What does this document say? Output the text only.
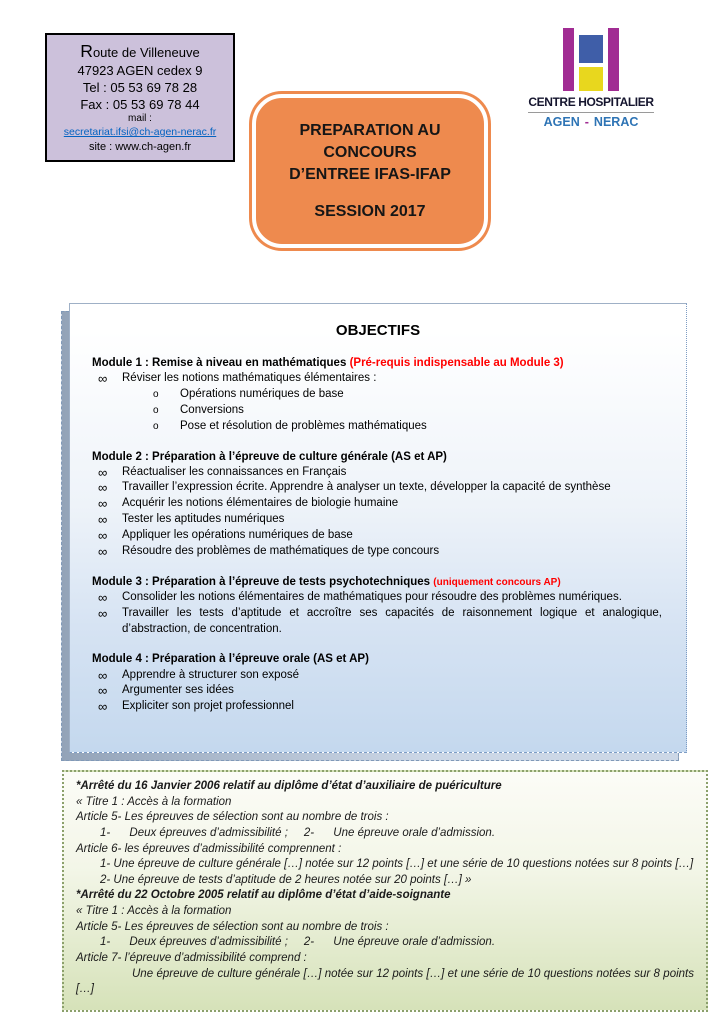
Route de Villeneuve
47923 AGEN cedex 9
Tel : 05 53 69 78 28
Fax : 05 53 69 78 44
mail :
secretariat.ifsi@ch-agen-nerac.fr
site : www.ch-agen.fr
CENTRE HOSPITALIER
AGEN - NERAC
PREPARATION AU
CONCOURS
D’ENTREE IFAS-IFAP
SESSION 2017
OBJECTIFS
Module 1 : Remise à niveau en mathématiques (Pré-requis indispensable au Module 3)
∞	Réviser les notions mathématiques élémentaires :
o	Opérations numériques de base
o	Conversions
o	Pose et résolution de problèmes mathématiques
Module 2 : Préparation à l’épreuve de culture générale (AS et AP)
∞	Réactualiser les connaissances en Français
∞	Travailler l’expression écrite. Apprendre à analyser un texte, développer la capacité de synthèse
∞	Acquérir les notions élémentaires de biologie humaine
∞	Tester les aptitudes numériques
∞	Appliquer les opérations numériques de base
∞	Résoudre des problèmes de mathématiques de type concours
Module 3 : Préparation à l’épreuve de tests psychotechniques (uniquement concours AP)
∞	Consolider les notions élémentaires de mathématiques pour résoudre des problèmes numériques.
∞	Travailler les tests d’aptitude et accroître ses capacités de raisonnement logique et analogique, d’abstraction, de concentration.
Module 4 : Préparation à l’épreuve orale (AS et AP)
∞	Apprendre à structurer son exposé
∞	Argumenter ses idées
∞	Expliciter son projet professionnel
*Arrêté du 16 Janvier 2006 relatif au diplôme d’état d’auxiliaire de puériculture
« Titre 1 : Accès à la formation
Article 5- Les épreuves de sélection sont au nombre de trois :
1-      Deux épreuves d’admissibilité ;     2-      Une épreuve orale d’admission.
Article 6- les épreuves d’admissibilité comprennent :
1- Une épreuve de culture générale […] notée sur 12 points […] et une série de 10 questions notées sur 8 points […]
2- Une épreuve de tests d’aptitude de 2 heures notée sur 20 points […] »
*Arrêté du 22 Octobre 2005 relatif au diplôme d’état d’aide-soignante
« Titre 1 : Accès à la formation
Article 5- Les épreuves de sélection sont au nombre de trois :
1-      Deux épreuves d’admissibilité ;     2-      Une épreuve orale d’admission.
Article 7- l’épreuve d’admissibilité comprend :
Une épreuve de culture générale […] notée sur 12 points […] et une série de 10 questions notées sur 8 points […]
